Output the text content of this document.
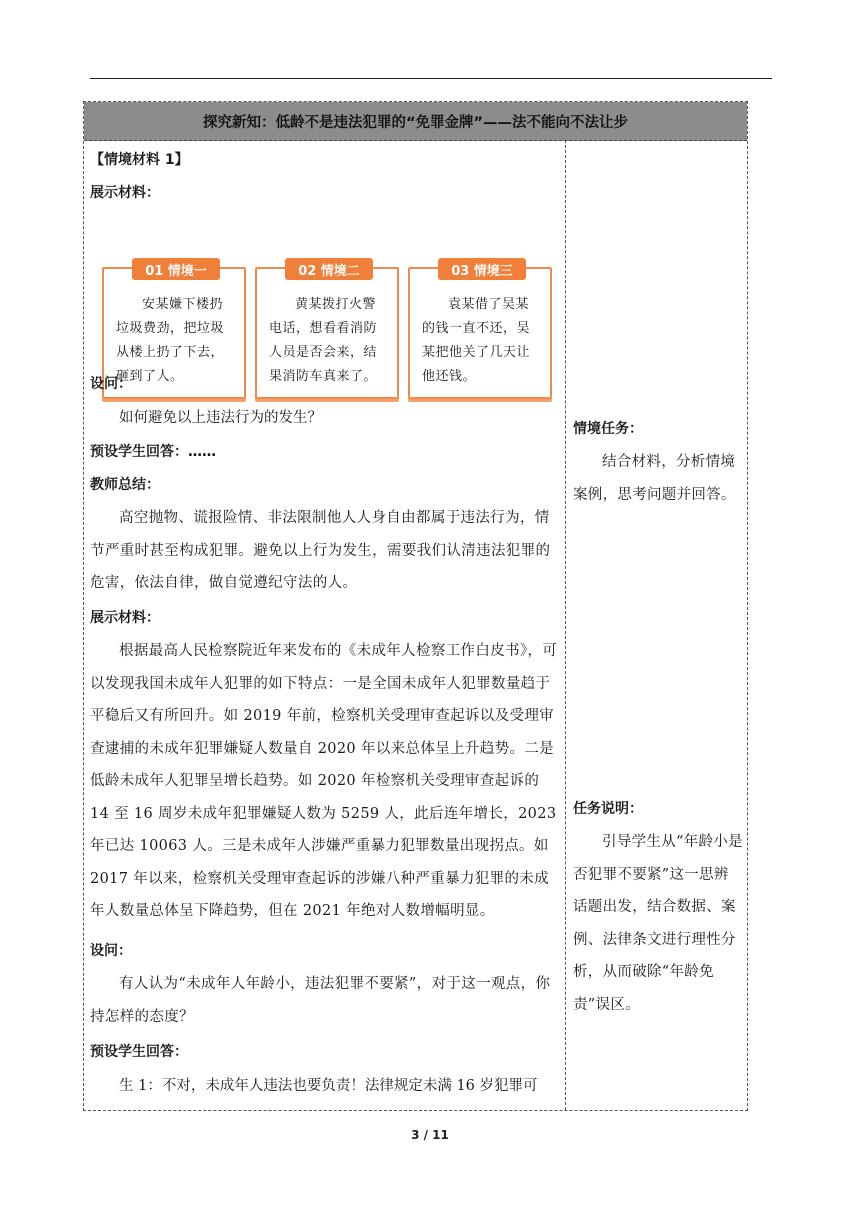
探究新知：低龄不是违法犯罪的“免罪金牌”——法不能向不法让步
【情境材料 1】
展示材料：
01 情境一
安某嫌下楼扔垃圾费劲，把垃圾从楼上扔了下去，砸到了人。
02 情境二
黄某拨打火警电话，想看看消防人员是否会来，结果消防车真来了。
03 情境三
袁某借了吴某的钱一直不还，吴某把他关了几天让他还钱。
设问：
如何避免以上违法行为的发生？
预设学生回答：……
教师总结：
高空抛物、谎报险情、非法限制他人人身自由都属于违法行为，情节严重时甚至构成犯罪。避免以上行为发生，需要我们认清违法犯罪的危害，依法自律，做自觉遵纪守法的人。
展示材料：
根据最高人民检察院近年来发布的《未成年人检察工作白皮书》，可以发现我国未成年人犯罪的如下特点：一是全国未成年人犯罪数量趋于平稳后又有所回升。如 2019 年前，检察机关受理审查起诉以及受理审查逮捕的未成年犯罪嫌疑人数量自 2020 年以来总体呈上升趋势。二是低龄未成年人犯罪呈增长趋势。如 2020 年检察机关受理审查起诉的 14 至 16 周岁未成年犯罪嫌疑人数为 5259 人，此后连年增长，2023 年已达 10063 人。三是未成年人涉嫌严重暴力犯罪数量出现拐点。如 2017 年以来，检察机关受理审查起诉的涉嫌八种严重暴力犯罪的未成年人数量总体呈下降趋势，但在 2021 年绝对人数增幅明显。
设问：
有人认为“未成年人年龄小，违法犯罪不要紧”，对于这一观点，你持怎样的态度？
预设学生回答：
生 1：不对，未成年人违法也要负责！法律规定未满 16 岁犯罪可
情境任务：
结合材料，分析情境案例，思考问题并回答。
任务说明：
引导学生从“年龄小是否犯罪不要紧”这一思辨话题出发，结合数据、案例、法律条文进行理性分析，从而破除“年龄免责”误区。
3 / 11
